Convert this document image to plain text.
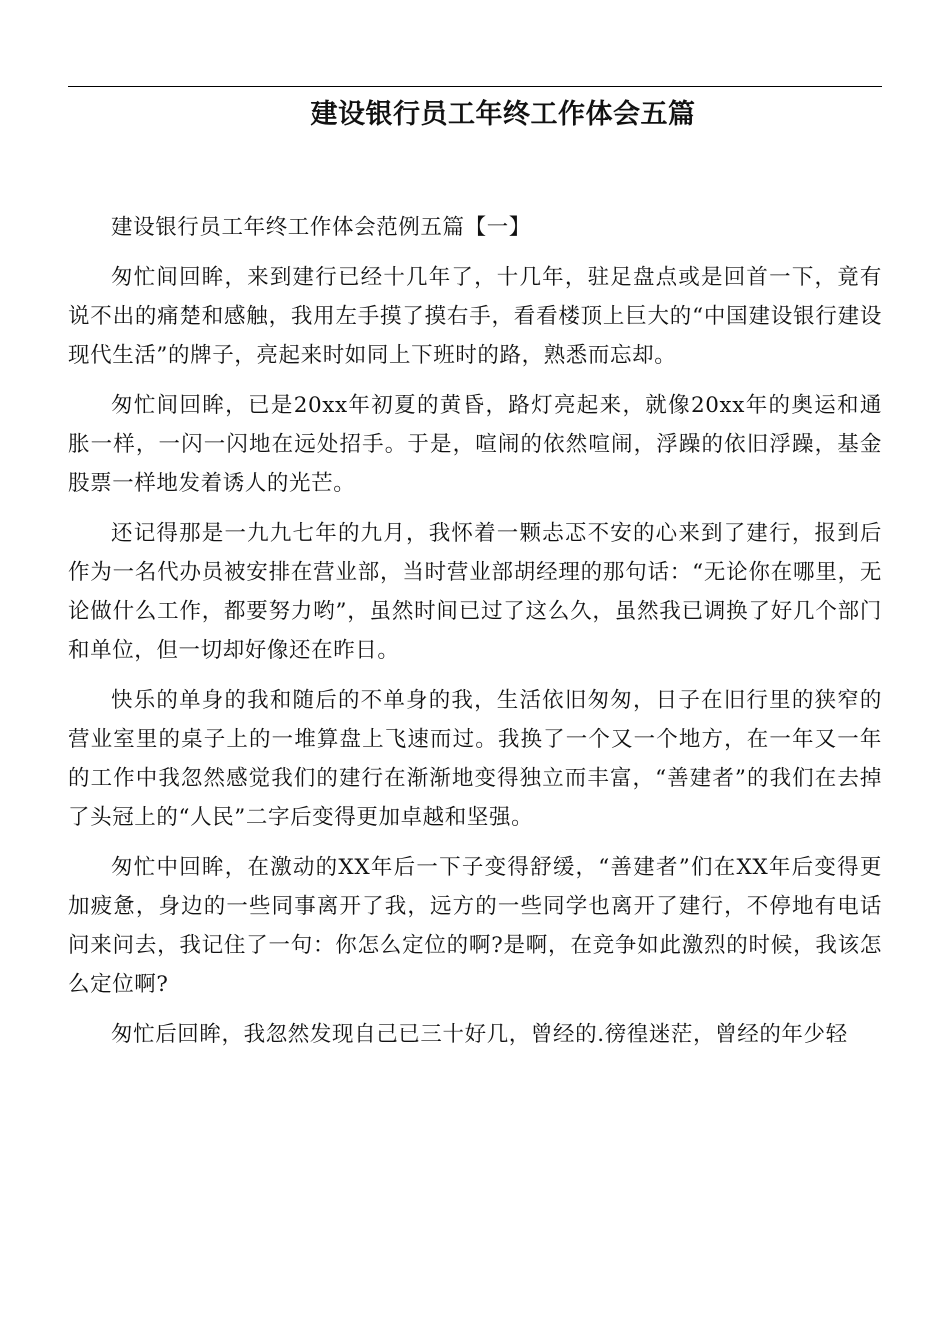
建设银行员工年终工作体会五篇

建设银行员工年终工作体会范例五篇【一】

匆忙间回眸，来到建行已经十几年了，十几年，驻足盘点或是回首一下，竟有说不出的痛楚和感触，我用左手摸了摸右手，看看楼顶上巨大的“中国建设银行建设现代生活”的牌子，亮起来时如同上下班时的路，熟悉而忘却。

匆忙间回眸，已是20xx年初夏的黄昏，路灯亮起来，就像20xx年的奥运和通胀一样，一闪一闪地在远处招手。于是，喧闹的依然喧闹，浮躁的依旧浮躁，基金股票一样地发着诱人的光芒。

还记得那是一九九七年的九月，我怀着一颗忐忑不安的心来到了建行，报到后作为一名代办员被安排在营业部，当时营业部胡经理的那句话：“无论你在哪里，无论做什么工作，都要努力哟”，虽然时间已过了这么久，虽然我已调换了好几个部门和单位，但一切却好像还在昨日。

快乐的单身的我和随后的不单身的我，生活依旧匆匆，日子在旧行里的狭窄的营业室里的桌子上的一堆算盘上飞速而过。我换了一个又一个地方，在一年又一年的工作中我忽然感觉我们的建行在渐渐地变得独立而丰富，“善建者”的我们在去掉了头冠上的“人民”二字后变得更加卓越和坚强。

匆忙中回眸，在激动的XX年后一下子变得舒缓，“善建者”们在XX年后变得更加疲惫，身边的一些同事离开了我，远方的一些同学也离开了建行，不停地有电话问来问去，我记住了一句：你怎么定位的啊?是啊，在竞争如此激烈的时候，我该怎么定位啊?

匆忙后回眸，我忽然发现自己已三十好几，曾经的.徬徨迷茫，曾经的年少轻
